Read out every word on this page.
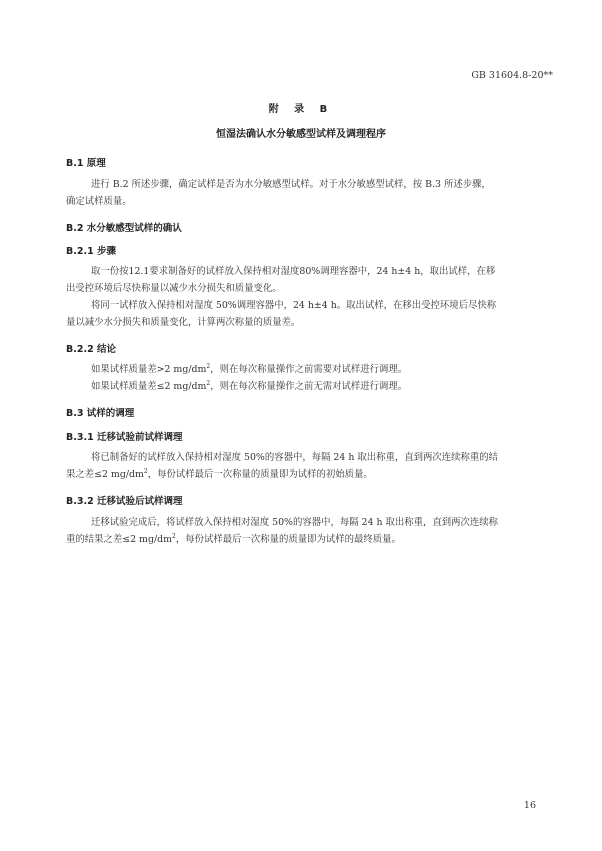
GB 31604.8-20**
附 录 B
恒湿法确认水分敏感型试样及调理程序
B.1 原理
进行 B.2 所述步骤，确定试样是否为水分敏感型试样。对于水分敏感型试样，按 B.3 所述步骤，
确定试样质量。
B.2 水分敏感型试样的确认
B.2.1 步骤
取一份按12.1要求制备好的试样放入保持相对湿度80%调理容器中，24 h±4 h，取出试样，在移
出受控环境后尽快称量以减少水分损失和质量变化。
将同一试样放入保持相对湿度 50%调理容器中，24 h±4 h。取出试样，在移出受控环境后尽快称
量以减少水分损失和质量变化，计算两次称量的质量差。
B.2.2 结论
如果试样质量差>2 $mg/dm^2$，则在每次称量操作之前需要对试样进行调理。
如果试样质量差≤2 $mg/dm^2$，则在每次称量操作之前无需对试样进行调理。
B.3 试样的调理
B.3.1 迁移试验前试样调理
将已制备好的试样放入保持相对湿度 50%的容器中，每隔 24 h 取出称重，直到两次连续称重的结
果之差≤2 $mg/dm^2$，每份试样最后一次称量的质量即为试样的初始质量。
B.3.2 迁移试验后试样调理
迁移试验完成后，将试样放入保持相对湿度 50%的容器中，每隔 24 h 取出称重，直到两次连续称
重的结果之差≤2 $mg/dm^2$，每份试样最后一次称量的质量即为试样的最终质量。
16
